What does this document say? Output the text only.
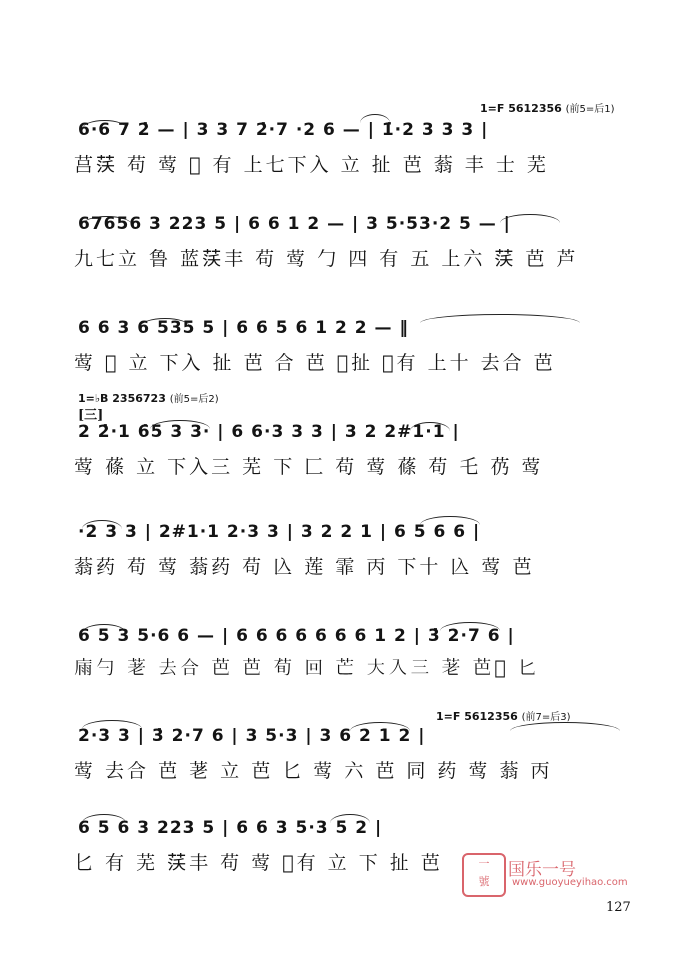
1=F 5612356 (前5=后1)
6·6 7 2̇ — | 3 3 7 2̇·7 ·2 6 — | 1̇·2 3 3 3 |
莒𦰚 苟 莺 𦭏 有 上七下入 立 扯 芭 蓊 丰 士 芜
67656 3 223 5 | 6 6 1 2 — | 3 5·53·2 5 — |
九七立 鲁 蓝𦰚丰 苟 莺 勹 四 有 五 上六 𦰚 芭 芦
6 6 3 6 535 5 | 6 6 5 6 1 2 2 — ‖
莺 𦭏 立 下入 扯 芭 合 芭 𦭏扯 𦸞有 上十 去合 芭
1=♭B 2356723 (前5=后2)
[三]
2 2̇·1 6̇5 3 3· | 6 6·3 3 3 | 3 2 2#1·1 |
莺 蓧 立 下入三 芜 下 匚 苟 莺 蓧 苟 乇 芿 莺
·2 3 3 | 2#1·1 2·3 3 | 3 2 2 1 | 6 5 6 6 |
蓊药 苟 莺 蓊药 苟 兦 莲 霏 丙 下十 兦 莺 芭
6 5 3 5·6 6 — | 6 6 6 6 6 6 6 1 2 | 3̇ 2·7 6 |
𢉀勺 荖 去合 芭 芭 荀 回 芒 大入三 荖 芭𦭏 匕
1=F 5612356 (前7=后3)
2·3 3 | 3̇ 2·7 6 | 3 5·3 | 3 6 2 1 2 |
莺 去合 芭 荖 立 芭 匕 莺 六 芭 同 药 莺 蓊 丙
6 5 6 3 223 5 | 6 6 3 5·3 5 2 |
匕 有 芜 𦰚丰 苟 莺 𦭏有 立 下 扯 芭	一
號
国乐一号
www.guoyueyihao.com
127
